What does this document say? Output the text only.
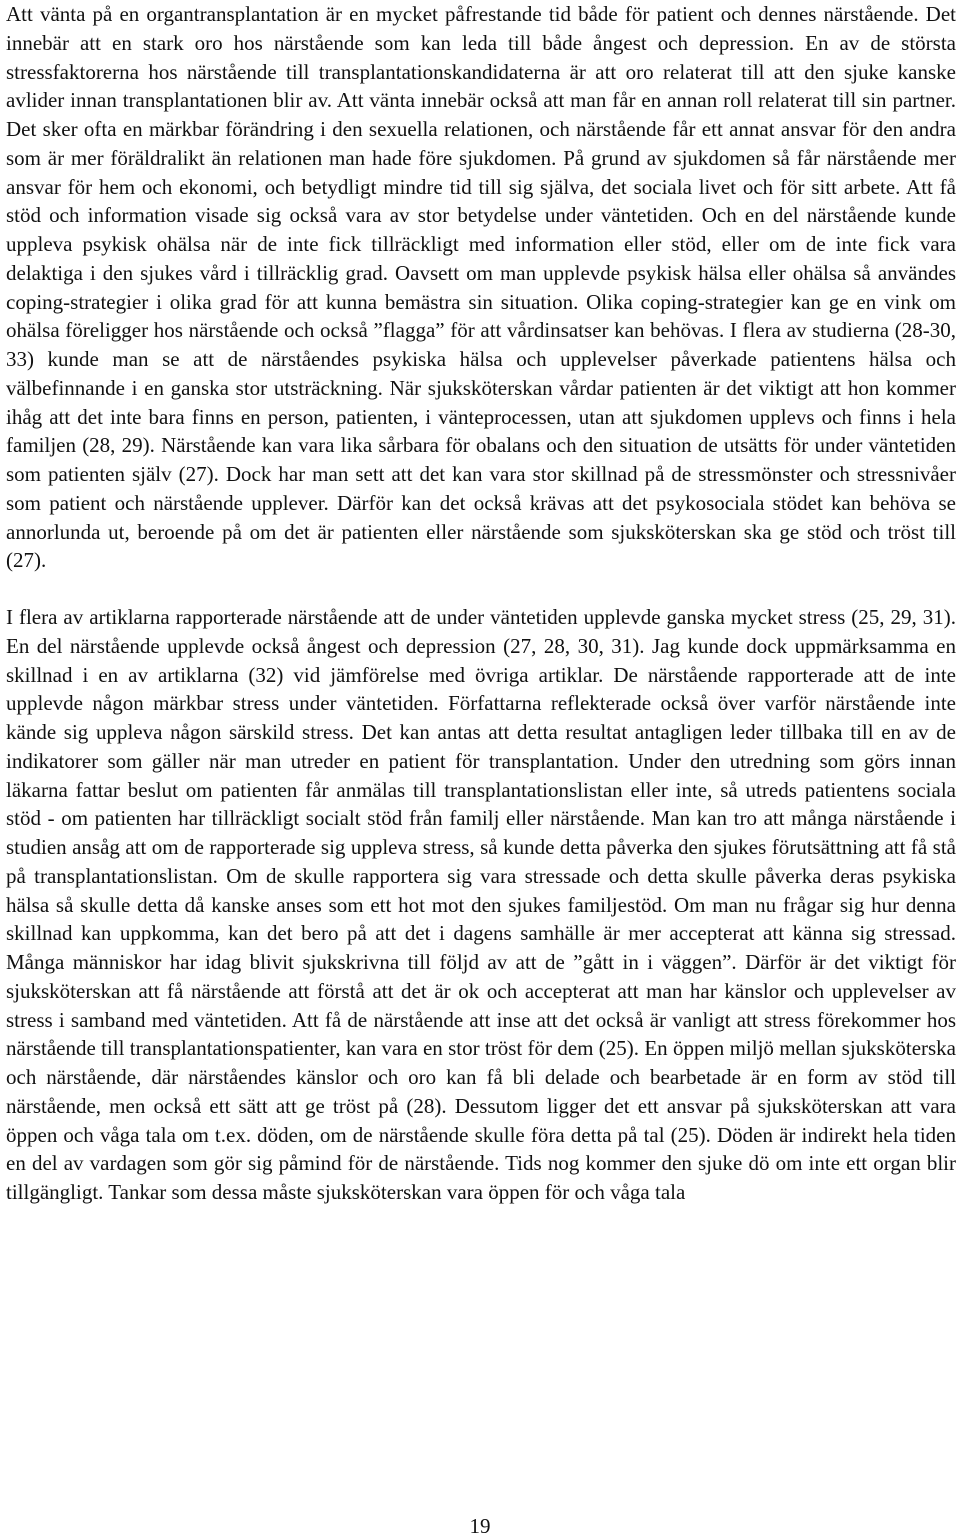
Att vänta på en organtransplantation är en mycket påfrestande tid både för patient och dennes närstående. Det innebär att en stark oro hos närstående som kan leda till både ångest och depression. En av de största stressfaktorerna hos närstående till transplantationskandidaterna är att oro relaterat till att den sjuke kanske avlider innan transplantationen blir av. Att vänta innebär också att man får en annan roll relaterat till sin partner. Det sker ofta en märkbar förändring i den sexuella relationen, och närstående får ett annat ansvar för den andra som är mer föräldralikt än relationen man hade före sjukdomen. På grund av sjukdomen så får närstående mer ansvar för hem och ekonomi, och betydligt mindre tid till sig själva, det sociala livet och för sitt arbete. Att få stöd och information visade sig också vara av stor betydelse under väntetiden. Och en del närstående kunde uppleva psykisk ohälsa när de inte fick tillräckligt med information eller stöd, eller om de inte fick vara delaktiga i den sjukes vård i tillräcklig grad. Oavsett om man upplevde psykisk hälsa eller ohälsa så användes coping-strategier i olika grad för att kunna bemästra sin situation. Olika coping-strategier kan ge en vink om ohälsa föreligger hos närstående och också ”flagga” för att vårdinsatser kan behövas. I flera av studierna (28-30, 33) kunde man se att de närståendes psykiska hälsa och upplevelser påverkade patientens hälsa och välbefinnande i en ganska stor utsträckning. När sjuksköterskan vårdar patienten är det viktigt att hon kommer ihåg att det inte bara finns en person, patienten, i vänteprocessen, utan att sjukdomen upplevs och finns i hela familjen (28, 29). Närstående kan vara lika sårbara för obalans och den situation de utsätts för under väntetiden som patienten själv (27). Dock har man sett att det kan vara stor skillnad på de stressmönster och stressnivåer som patient och närstående upplever. Därför kan det också krävas att det psykosociala stödet kan behöva se annorlunda ut, beroende på om det är patienten eller närstående som sjuksköterskan ska ge stöd och tröst till (27).

I flera av artiklarna rapporterade närstående att de under väntetiden upplevde ganska mycket stress (25, 29, 31). En del närstående upplevde också ångest och depression (27, 28, 30, 31). Jag kunde dock uppmärksamma en skillnad i en av artiklarna (32) vid jämförelse med övriga artiklar. De närstående rapporterade att de inte upplevde någon märkbar stress under väntetiden. Författarna reflekterade också över varför närstående inte kände sig uppleva någon särskild stress. Det kan antas att detta resultat antagligen leder tillbaka till en av de indikatorer som gäller när man utreder en patient för transplantation. Under den utredning som görs innan läkarna fattar beslut om patienten får anmälas till transplantationslistan eller inte, så utreds patientens sociala stöd - om patienten har tillräckligt socialt stöd från familj eller närstående. Man kan tro att många närstående i studien ansåg att om de rapporterade sig uppleva stress, så kunde detta påverka den sjukes förutsättning att få stå på transplantationslistan. Om de skulle rapportera sig vara stressade och detta skulle påverka deras psykiska hälsa så skulle detta då kanske anses som ett hot mot den sjukes familjestöd. Om man nu frågar sig hur denna skillnad kan uppkomma, kan det bero på att det i dagens samhälle är mer accepterat att känna sig stressad. Många människor har idag blivit sjukskrivna till följd av att de ”gått in i väggen”. Därför är det viktigt för sjuksköterskan att få närstående att förstå att det är ok och accepterat att man har känslor och upplevelser av stress i samband med väntetiden. Att få de närstående att inse att det också är vanligt att stress förekommer hos närstående till transplantationspatienter, kan vara en stor tröst för dem (25). En öppen miljö mellan sjuksköterska och närstående, där närståendes känslor och oro kan få bli delade och bearbetade är en form av stöd till närstående, men också ett sätt att ge tröst på (28). Dessutom ligger det ett ansvar på sjuksköterskan att vara öppen och våga tala om t.ex. döden, om de närstående skulle föra detta på tal (25). Döden är indirekt hela tiden en del av vardagen som gör sig påmind för de närstående. Tids nog kommer den sjuke dö om inte ett organ blir tillgängligt. Tankar som dessa måste sjuksköterskan vara öppen för och våga tala

19
